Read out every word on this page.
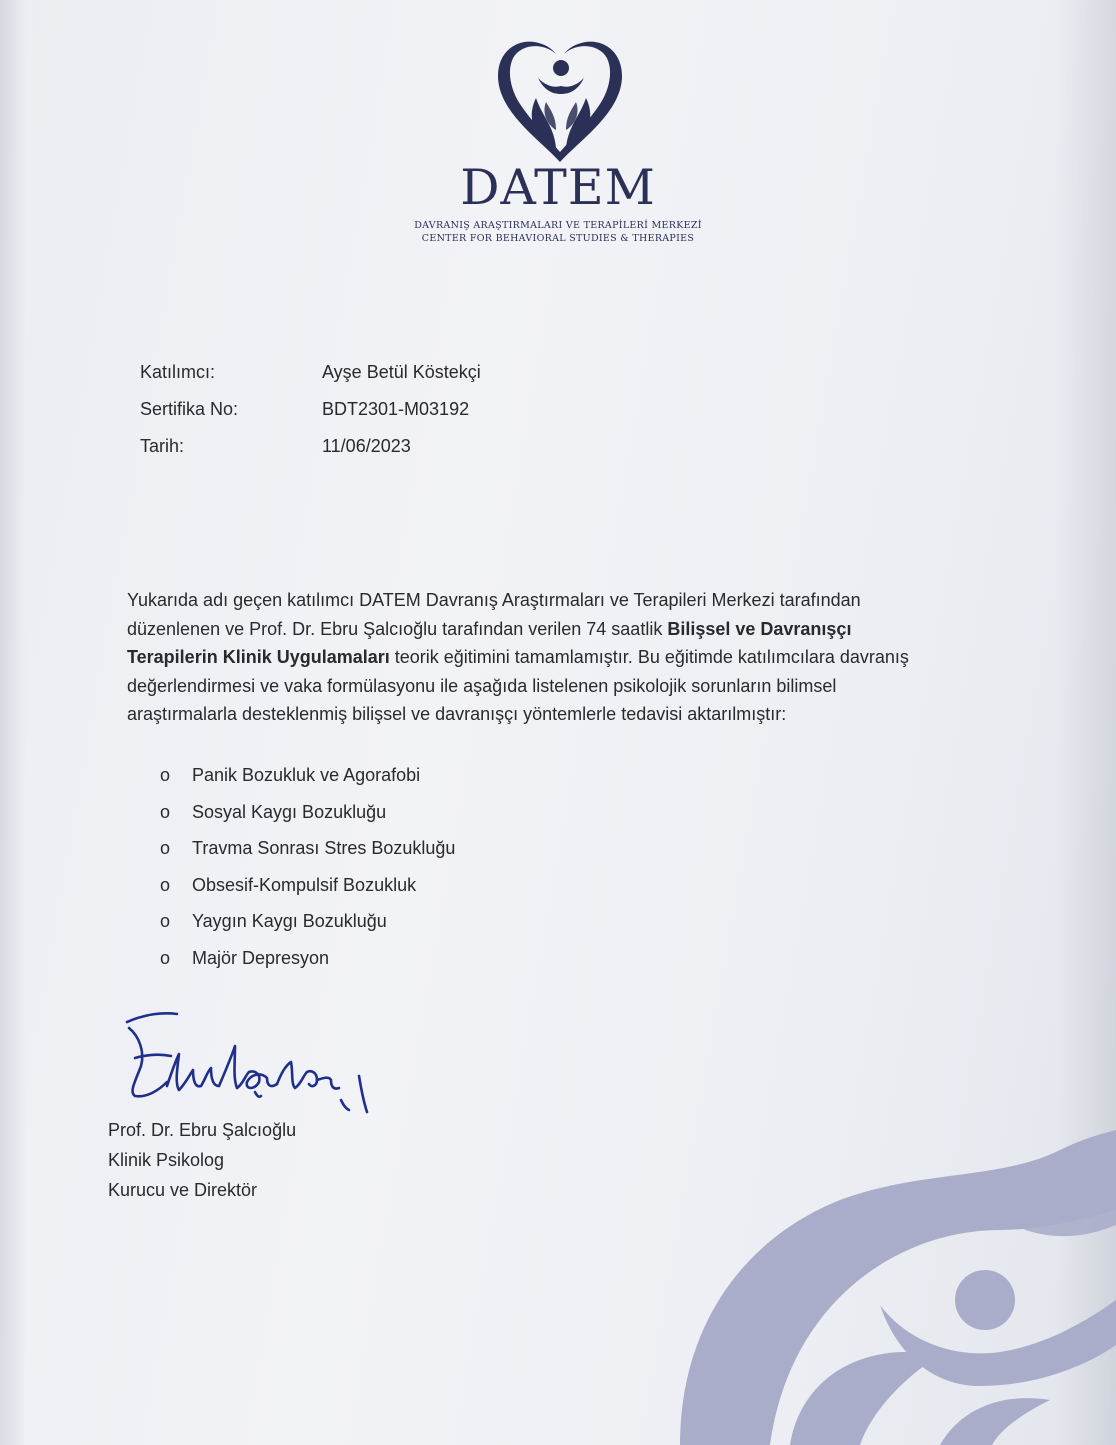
DATEM
DAVRANIŞ ARAŞTIRMALARI VE TERAPİLERİ MERKEZİ
CENTER FOR BEHAVIORAL STUDIES & THERAPIES
Katılımcı:	Ayşe Betül Köstekçi
Sertifika No:	BDT2301-M03192
Tarih:	11/06/2023
Yukarıda adı geçen katılımcı DATEM Davranış Araştırmaları ve Terapileri Merkezi tarafından düzenlenen ve Prof. Dr. Ebru Şalcıoğlu tarafından verilen 74 saatlik Bilişsel ve Davranışçı Terapilerin Klinik Uygulamaları teorik eğitimini tamamlamıştır. Bu eğitimde katılımcılara davranış değerlendirmesi ve vaka formülasyonu ile aşağıda listelenen psikolojik sorunların bilimsel araştırmalarla desteklenmiş bilişsel ve davranışçı yöntemlerle tedavisi aktarılmıştır:
o Panik Bozukluk ve Agorafobi
o Sosyal Kaygı Bozukluğu
o Travma Sonrası Stres Bozukluğu
o Obsesif-Kompulsif Bozukluk
o Yaygın Kaygı Bozukluğu
o Majör Depresyon
Prof. Dr. Ebru Şalcıoğlu
Klinik Psikolog
Kurucu ve Direktör
